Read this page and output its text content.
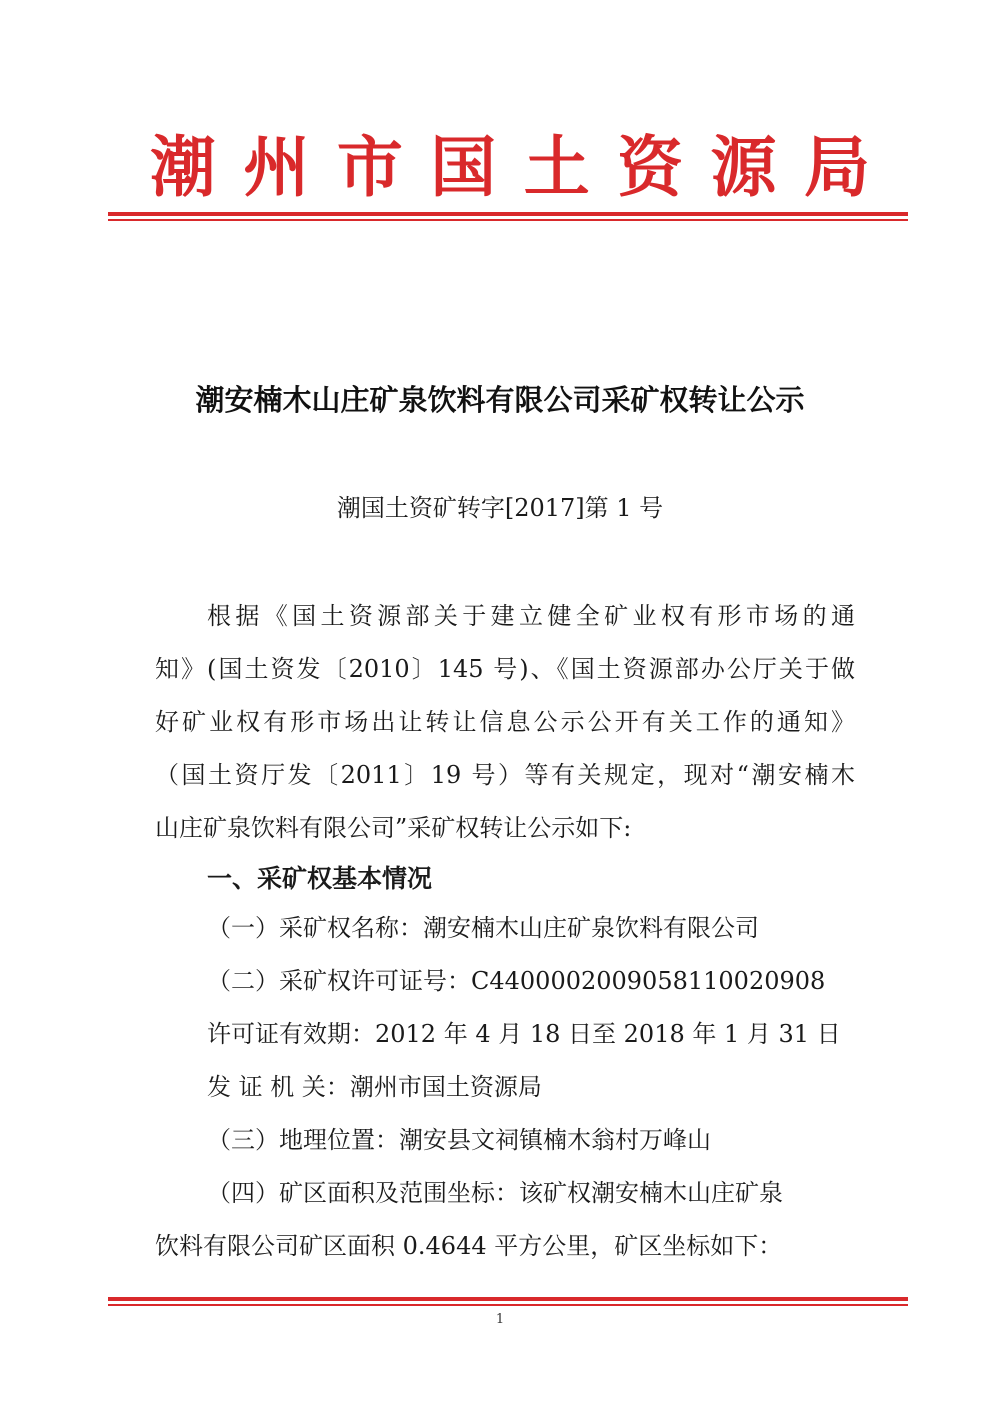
潮 州 市 国 土 资 源 局
潮安楠木山庄矿泉饮料有限公司采矿权转让公示
潮国土资矿转字[2017]第 1 号
根据《国土资源部关于建立健全矿业权有形市场的通
知》(国土资发〔2010〕145 号)、《国土资源部办公厅关于做
好矿业权有形市场出让转让信息公示公开有关工作的通知》
（国土资厅发〔2011〕19 号）等有关规定，现对“潮安楠木
山庄矿泉饮料有限公司”采矿权转让公示如下:
一、采矿权基本情况
（一）采矿权名称：潮安楠木山庄矿泉饮料有限公司
（二）采矿权许可证号：C4400002009058110020908
许可证有效期：2012 年 4 月 18 日至 2018 年 1 月 31 日
发 证 机 关：潮州市国土资源局
（三）地理位置：潮安县文祠镇楠木翁村万峰山
（四）矿区面积及范围坐标：该矿权潮安楠木山庄矿泉
饮料有限公司矿区面积 0.4644 平方公里，矿区坐标如下：
1
